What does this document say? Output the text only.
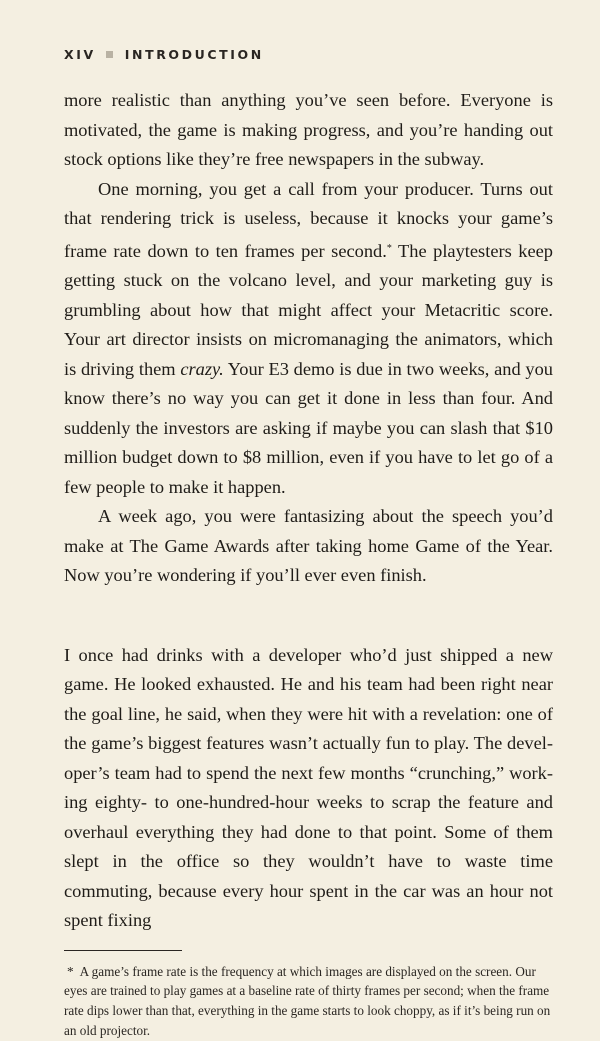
XIV INTRODUCTION

more realistic than anything you’ve seen before. Everyone is motivated, the game is making progress, and you’re handing out stock options like they’re free newspapers in the subway.

One morning, you get a call from your producer. Turns out that rendering trick is useless, because it knocks your game’s frame rate down to ten frames per second.* The playtesters keep getting stuck on the volcano level, and your marketing guy is grumbling about how that might affect your Metacritic score. Your art director insists on micromanaging the animators, which is driving them crazy. Your E3 demo is due in two weeks, and you know there’s no way you can get it done in less than four. And suddenly the investors are asking if maybe you can slash that $10 million budget down to $8 million, even if you have to let go of a few people to make it happen.

A week ago, you were fantasizing about the speech you’d make at The Game Awards after taking home Game of the Year. Now you’re wondering if you’ll ever even finish.

I once had drinks with a developer who’d just shipped a new game. He looked exhausted. He and his team had been right near the goal line, he said, when they were hit with a revelation: one of the game’s biggest features wasn’t actually fun to play. The developer’s team had to spend the next few months “crunching,” working eighty- to one-hundred-hour weeks to scrap the feature and overhaul everything they had done to that point. Some of them slept in the office so they wouldn’t have to waste time commuting, because every hour spent in the car was an hour not spent fixing

* A game’s frame rate is the frequency at which images are displayed on the screen. Our eyes are trained to play games at a baseline rate of thirty frames per second; when the frame rate dips lower than that, everything in the game starts to look choppy, as if it’s being run on an old projector.
